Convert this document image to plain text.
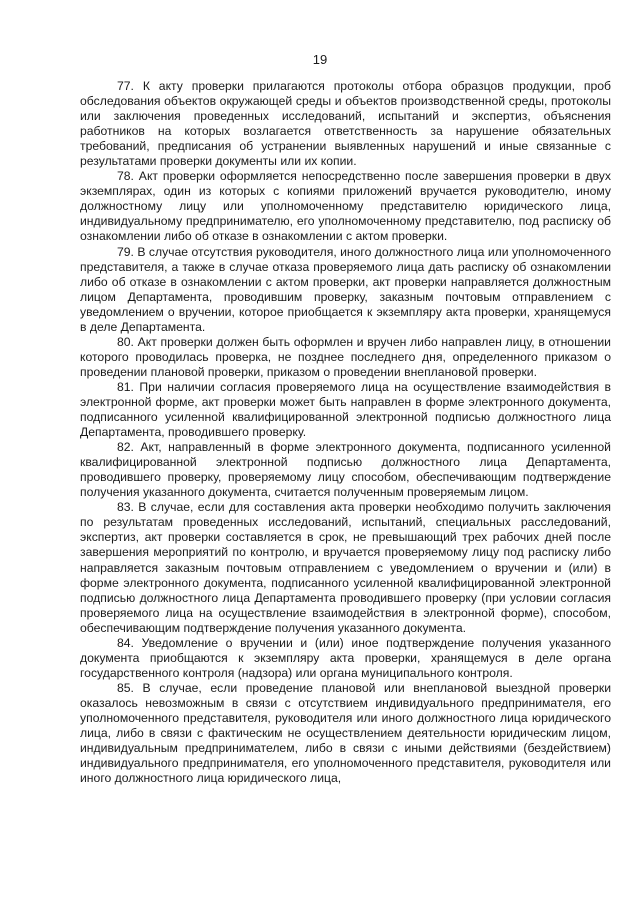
19

77. К акту проверки прилагаются протоколы отбора образцов продукции, проб обследования объектов окружающей среды и объектов производственной среды, протоколы или заключения проведенных исследований, испытаний и экспертиз, объяснения работников на которых возлагается ответственность за нарушение обязательных требований, предписания об устранении выявленных нарушений и иные связанные с результатами проверки документы или их копии.

78. Акт проверки оформляется непосредственно после завершения проверки в двух экземплярах, один из которых с копиями приложений вручается руководителю, иному должностному лицу или уполномоченному представителю юридического лица, индивидуальному предпринимателю, его уполномоченному представителю, под расписку об ознакомлении либо об отказе в ознакомлении с актом проверки.

79. В случае отсутствия руководителя, иного должностного лица или уполномоченного представителя, а также в случае отказа проверяемого лица дать расписку об ознакомлении либо об отказе в ознакомлении с актом проверки, акт проверки направляется должностным лицом Департамента, проводившим проверку, заказным почтовым отправлением с уведомлением о вручении, которое приобщается к экземпляру акта проверки, хранящемуся в деле Департамента.

80. Акт проверки должен быть оформлен и вручен либо направлен лицу, в отношении которого проводилась проверка, не позднее последнего дня, определенного приказом о проведении плановой проверки, приказом о проведении внеплановой проверки.

81. При наличии согласия проверяемого лица на осуществление взаимодействия в электронной форме, акт проверки может быть направлен в форме электронного документа, подписанного усиленной квалифицированной электронной подписью должностного лица Департамента, проводившего проверку.

82. Акт, направленный в форме электронного документа, подписанного усиленной квалифицированной электронной подписью должностного лица Департамента, проводившего проверку, проверяемому лицу способом, обеспечивающим подтверждение получения указанного документа, считается полученным проверяемым лицом.

83. В случае, если для составления акта проверки необходимо получить заключения по результатам проведенных исследований, испытаний, специальных расследований, экспертиз, акт проверки составляется в срок, не превышающий трех рабочих дней после завершения мероприятий по контролю, и вручается проверяемому лицу под расписку либо направляется заказным почтовым отправлением с уведомлением о вручении и (или) в форме электронного документа, подписанного усиленной квалифицированной электронной подписью должностного лица Департамента проводившего проверку (при условии согласия проверяемого лица на осуществление взаимодействия в электронной форме), способом, обеспечивающим подтверждение получения указанного документа.

84. Уведомление о вручении и (или) иное подтверждение получения указанного документа приобщаются к экземпляру акта проверки, хранящемуся в деле органа государственного контроля (надзора) или органа муниципального контроля.

85. В случае, если проведение плановой или внеплановой выездной проверки оказалось невозможным в связи с отсутствием индивидуального предпринимателя, его уполномоченного представителя, руководителя или иного должностного лица юридического лица, либо в связи с фактическим не осуществлением деятельности юридическим лицом, индивидуальным предпринимателем, либо в связи с иными действиями (бездействием) индивидуального предпринимателя, его уполномоченного представителя, руководителя или иного должностного лица юридического лица,
